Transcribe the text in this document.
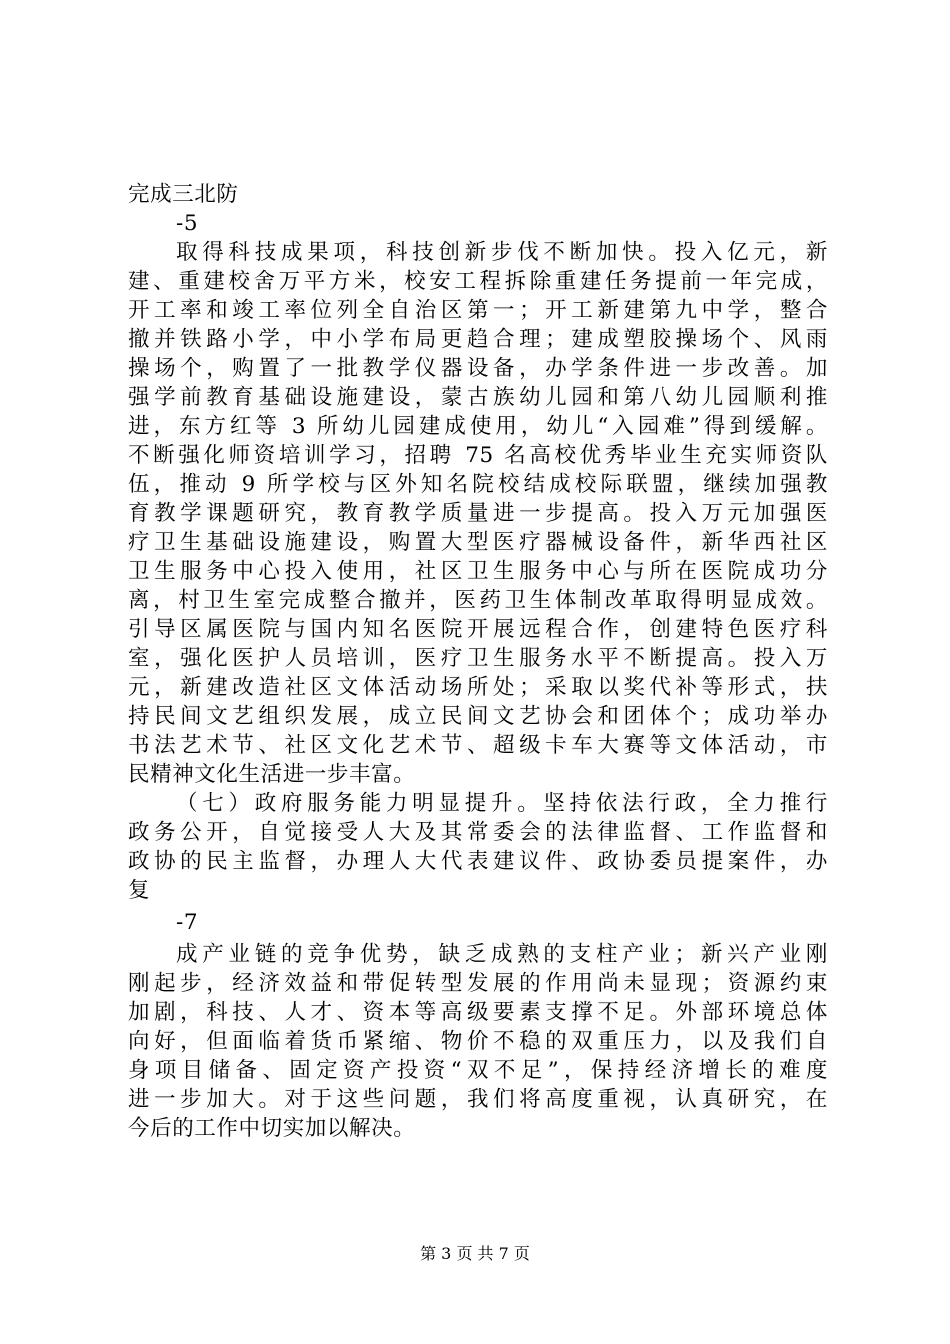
完成三北防
-5
取得科技成果项，科技创新步伐不断加快。投入亿元，新
建、重建校舍万平方米，校安工程拆除重建任务提前一年完成，
开工率和竣工率位列全自治区第一；开工新建第九中学，整合
撤并铁路小学，中小学布局更趋合理；建成塑胶操场个、风雨
操场个，购置了一批教学仪器设备，办学条件进一步改善。加
强学前教育基础设施建设，蒙古族幼儿园和第八幼儿园顺利推
进，东方红等 3 所幼儿园建成使用，幼儿“入园难”得到缓解。
不断强化师资培训学习，招聘 75 名高校优秀毕业生充实师资队
伍，推动 9 所学校与区外知名院校结成校际联盟，继续加强教
育教学课题研究，教育教学质量进一步提高。投入万元加强医
疗卫生基础设施建设，购置大型医疗器械设备件，新华西社区
卫生服务中心投入使用，社区卫生服务中心与所在医院成功分
离，村卫生室完成整合撤并，医药卫生体制改革取得明显成效。
引导区属医院与国内知名医院开展远程合作，创建特色医疗科
室，强化医护人员培训，医疗卫生服务水平不断提高。投入万
元，新建改造社区文体活动场所处；采取以奖代补等形式，扶
持民间文艺组织发展，成立民间文艺协会和团体个；成功举办
书法艺术节、社区文化艺术节、超级卡车大赛等文体活动，市
民精神文化生活进一步丰富。
（七）政府服务能力明显提升。坚持依法行政，全力推行
政务公开，自觉接受人大及其常委会的法律监督、工作监督和
政协的民主监督，办理人大代表建议件、政协委员提案件，办
复
-7
成产业链的竞争优势，缺乏成熟的支柱产业；新兴产业刚
刚起步，经济效益和带促转型发展的作用尚未显现；资源约束
加剧，科技、人才、资本等高级要素支撑不足。外部环境总体
向好，但面临着货币紧缩、物价不稳的双重压力，以及我们自
身项目储备、固定资产投资“双不足”，保持经济增长的难度
进一步加大。对于这些问题，我们将高度重视，认真研究，在
今后的工作中切实加以解决。
第 3 页 共 7 页
